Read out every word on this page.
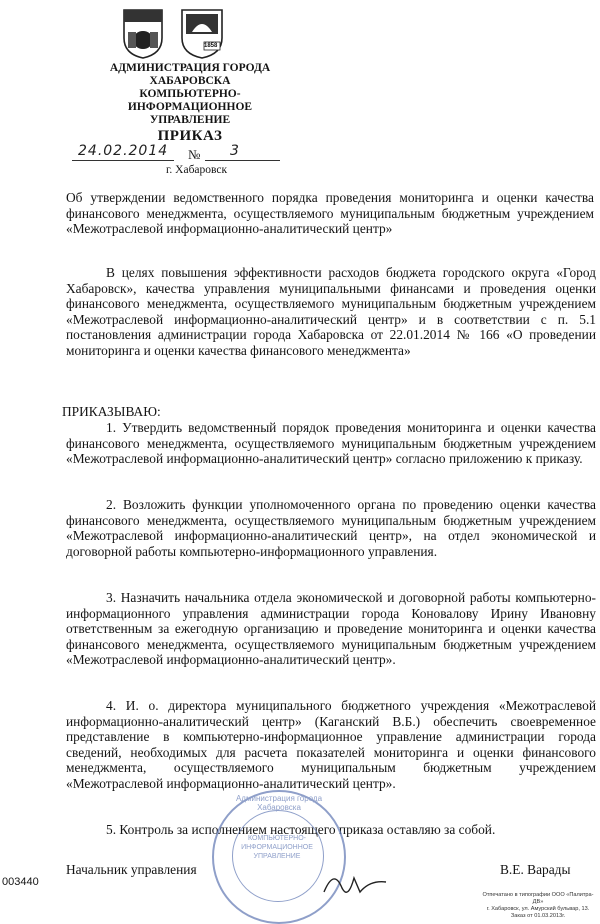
1858
АДМИНИСТРАЦИЯ ГОРОДА
ХАБАРОВСКА
КОМПЬЮТЕРНО-
ИНФОРМАЦИОННОЕ
УПРАВЛЕНИЕ
ПРИКАЗ
24.02.2014 № 3
г. Хабаровск
Об утверждении ведомственного порядка проведения мониторинга и оценки качества финансового менеджмента, осуществляемого муниципальным бюджетным учреждением «Межотраслевой информационно-аналитический центр»
В целях повышения эффективности расходов бюджета городского округа «Город Хабаровск», качества управления муниципальными финансами и проведения оценки финансового менеджмента, осуществляемого муниципальным бюджетным учреждением «Межотраслевой информационно-аналитический центр» и в соответствии с п. 5.1 постановления администрации города Хабаровска от 22.01.2014 № 166 «О проведении мониторинга и оценки качества финансового менеджмента»
ПРИКАЗЫВАЮ:
1. Утвердить ведомственный порядок проведения мониторинга и оценки качества финансового менеджмента, осуществляемого муниципальным бюджетным учреждением «Межотраслевой информационно-аналитический центр» согласно приложению к приказу.
2. Возложить функции уполномоченного органа по проведению оценки качества финансового менеджмента, осуществляемого муниципальным бюджетным учреждением «Межотраслевой информационно-аналитический центр», на отдел экономической и договорной работы компьютерно-информационного управления.
3. Назначить начальника отдела экономической и договорной работы компьютерно-информационного управления администрации города Коновалову Ирину Ивановну ответственным за ежегодную организацию и проведение мониторинга и оценки качества финансового менеджмента, осуществляемого муниципальным бюджетным учреждением «Межотраслевой информационно-аналитический центр».
4. И. о. директора муниципального бюджетного учреждения «Межотраслевой информационно-аналитический центр» (Каганский В.Б.) обеспечить своевременное представление в компьютерно-информационное управление администрации города сведений, необходимых для расчета показателей мониторинга и оценки финансового менеджмента, осуществляемого муниципальным бюджетным учреждением «Межотраслевой информационно-аналитический центр».
5. Контроль за исполнением настоящего приказа оставляю за собой.
Администрация города Хабаровска
КОМПЬЮТЕРНО-ИНФОРМАЦИОННОЕ УПРАВЛЕНИЕ
Начальник управления	В.Е. Варады
003440
Отпечатано в типографии ООО «Палитра-ДВ»
г. Хабаровск, ул. Амурский бульвар, 13.
Заказ от 01.03.2013г.
